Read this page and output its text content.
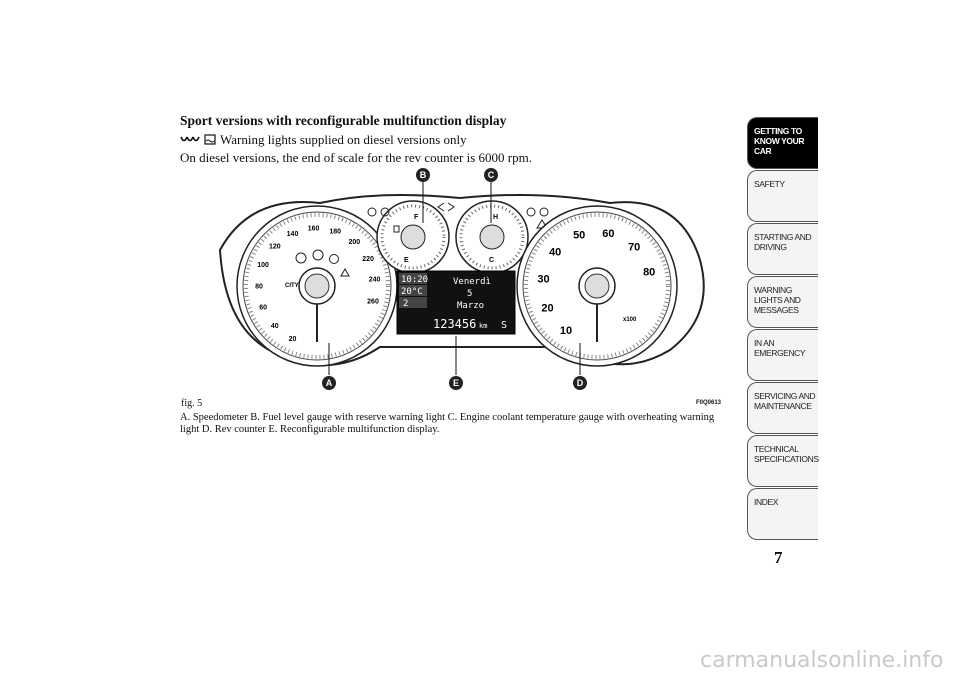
Sport versions with reconfigurable multifunction display
Warning lights supplied on diesel versions only
On diesel versions, the end of scale for the rev counter is 6000 rpm.
CITY
F
E
H
C
10:20
20°C
2
Venerdì
5
Marzo
123456 km S	x100
B	C
A	E	D
20
40
60
80
100
120
140
160 180
200
220
240
260
10
20
30
40
50 60
70
80
fig. 5	F0Q0613
A. Speedometer B. Fuel level gauge with reserve warning light C. Engine coolant temperature gauge with overheating warning light D. Rev counter E. Reconfigurable multifunction display.
GETTING TO KNOW YOUR CAR
SAFETY
STARTING AND DRIVING
WARNING LIGHTS AND MESSAGES
IN AN EMERGENCY
SERVICING AND MAINTENANCE
TECHNICAL SPECIFICATIONS
INDEX
7
carmanualsonline.info
